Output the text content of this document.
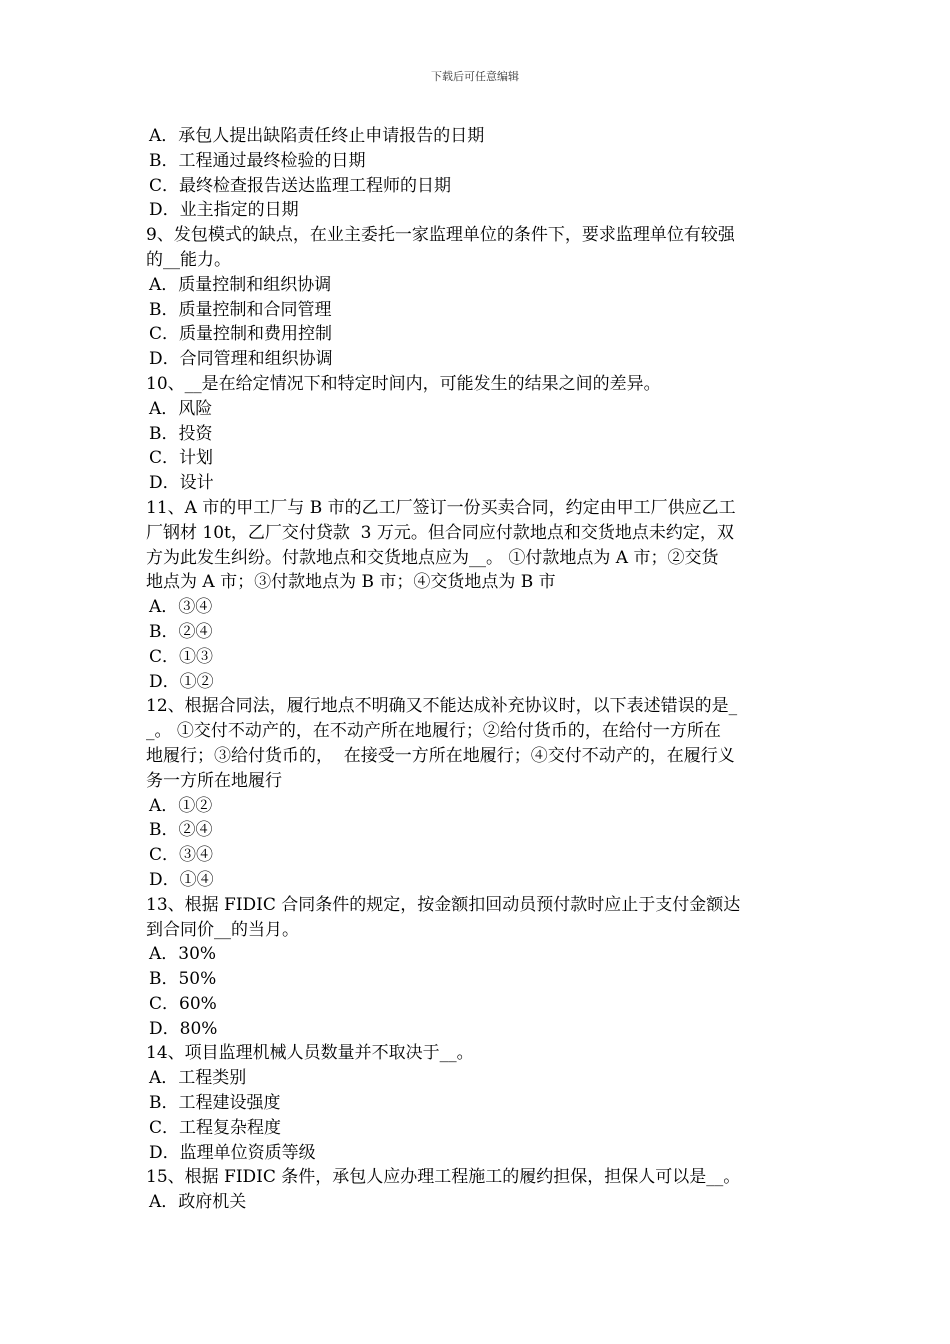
下载后可任意编辑
A．承包人提出缺陷责任终止申请报告的日期
B．工程通过最终检验的日期
C．最终检查报告送达监理工程师的日期
D．业主指定的日期
9、发包模式的缺点，在业主委托一家监理单位的条件下，要求监理单位有较强
的__能力。
A．质量控制和组织协调
B．质量控制和合同管理
C．质量控制和费用控制
D．合同管理和组织协调
10、__是在给定情况下和特定时间内，可能发生的结果之间的差异。
A．风险
B．投资
C．计划
D．设计
11、A 市的甲工厂与 B 市的乙工厂签订一份买卖合同，约定由甲工厂供应乙工
厂钢材 10t，乙厂交付贷款  3 万元。但合同应付款地点和交货地点未约定，双
方为此发生纠纷。付款地点和交货地点应为__。 ①付款地点为 A 市；②交货
地点为 A 市；③付款地点为 B 市；④交货地点为 B 市
A．③④
B．②④
C．①③
D．①②
12、根据合同法，履行地点不明确又不能达成补充协议时，以下表述错误的是_
_。 ①交付不动产的，在不动产所在地履行；②给付货币的，在给付一方所在
地履行；③给付货币的，  在接受一方所在地履行；④交付不动产的，在履行义
务一方所在地履行
A．①②
B．②④
C．③④
D．①④
13、根据 FIDIC 合同条件的规定，按金额扣回动员预付款时应止于支付金额达
到合同价__的当月。
A．30%
B．50%
C．60%
D．80%
14、项目监理机械人员数量并不取决于__。
A．工程类别
B．工程建设强度
C．工程复杂程度
D．监理单位资质等级
15、根据 FIDIC 条件，承包人应办理工程施工的履约担保，担保人可以是__。
A．政府机关
